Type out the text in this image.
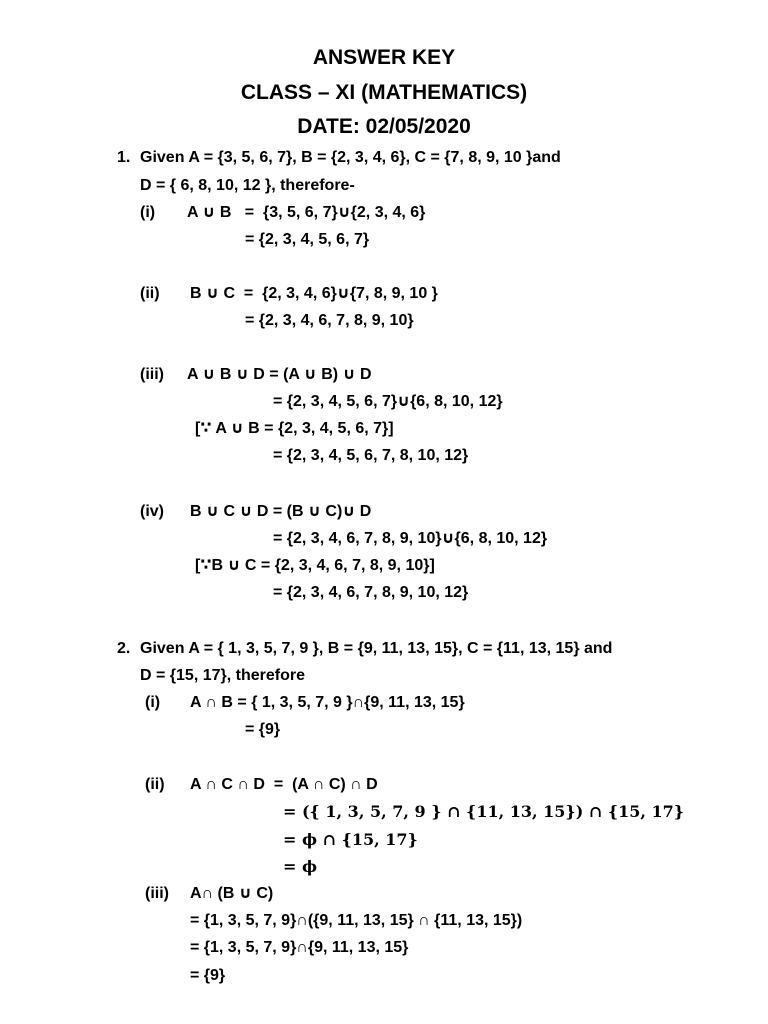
ANSWER KEY
CLASS – XI (MATHEMATICS)
DATE: 02/05/2020
1. Given A = {3, 5, 6, 7}, B = {2, 3, 4, 6}, C = {7, 8, 9, 10 }and
D = { 6, 8, 10, 12 }, therefore-
(i) A ∪ B   =  {3, 5, 6, 7}∪{2, 3, 4, 6}
= {2, 3, 4, 5, 6, 7}
(ii) B ∪ C  =  {2, 3, 4, 6}∪{7, 8, 9, 10 }
= {2, 3, 4, 6, 7, 8, 9, 10}
(iii) A ∪ B ∪ D = (A ∪ B) ∪ D
= {2, 3, 4, 5, 6, 7}∪{6, 8, 10, 12}
[∵ A ∪ B = {2, 3, 4, 5, 6, 7}]
= {2, 3, 4, 5, 6, 7, 8, 10, 12}
(iv) B ∪ C ∪ D = (B ∪ C)∪ D
= {2, 3, 4, 6, 7, 8, 9, 10}∪{6, 8, 10, 12}
[∵B ∪ C = {2, 3, 4, 6, 7, 8, 9, 10}]
= {2, 3, 4, 6, 7, 8, 9, 10, 12}
2. Given A = { 1, 3, 5, 7, 9 }, B = {9, 11, 13, 15}, C = {11, 13, 15} and
D = {15, 17}, therefore
(i) A ∩ B = { 1, 3, 5, 7, 9 }∩{9, 11, 13, 15}
= {9}
(ii) A ∩ C ∩ D  =  (A ∩ C) ∩ D
= ({ 1, 3, 5, 7, 9 } ∩ {11, 13, 15}) ∩ {15, 17}
= ϕ ∩ {15, 17}
= ϕ
(iii) A∩ (B ∪ C)
= {1, 3, 5, 7, 9}∩({9, 11, 13, 15} ∩ {11, 13, 15})
= {1, 3, 5, 7, 9}∩{9, 11, 13, 15}
= {9}
